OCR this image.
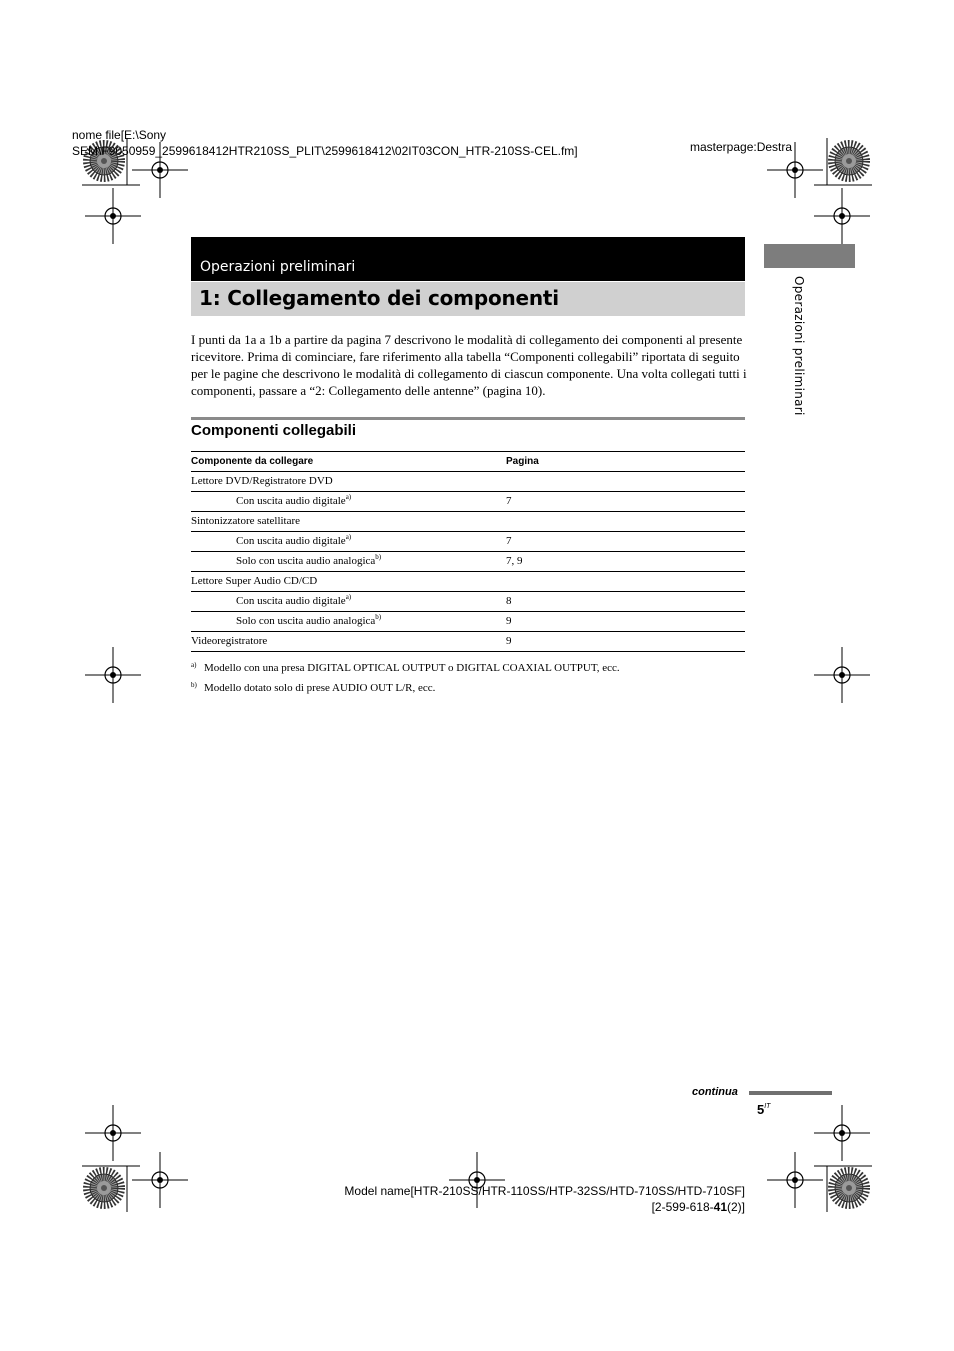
nome file[E:\Sony
SEM\F9050959_2599618412HTR210SS_PLIT\2599618412\02IT03CON_HTR-210SS-CEL.fm]	masterpage:Destra
Operazioni preliminari
1: Collegamento dei componenti	Operazioni preliminari
I punti da 1a a 1b a partire da pagina 7 descrivono le modalità di collegamento dei componenti al presente ricevitore. Prima di cominciare, fare riferimento alla tabella “Componenti collegabili” riportata di seguito per le pagine che descrivono le modalità di collegamento di ciascun componente. Una volta collegati tutti i componenti, passare a “2: Collegamento delle antenne” (pagina 10).
Componenti collegabili
Componente da collegare	Pagina
Lettore DVD/Registratore DVD
Con uscita audio digitale$^{a)}$	7
Sintonizzatore satellitare
Con uscita audio digitale$^{a)}$	7
Solo con uscita audio analogica$^{b)}$	7, 9
Lettore Super Audio CD/CD
Con uscita audio digitale$^{a)}$	8
Solo con uscita audio analogica$^{b)}$	9
Videoregistratore	9
a) Modello con una presa DIGITAL OPTICAL OUTPUT o DIGITAL COAXIAL OUTPUT, ecc.
b) Modello dotato solo di prese AUDIO OUT L/R, ecc.
continua
$5^{IT}$
Model name[HTR-210SS/HTR-110SS/HTP-32SS/HTD-710SS/HTD-710SF]
[2-599-618-41(2)]
